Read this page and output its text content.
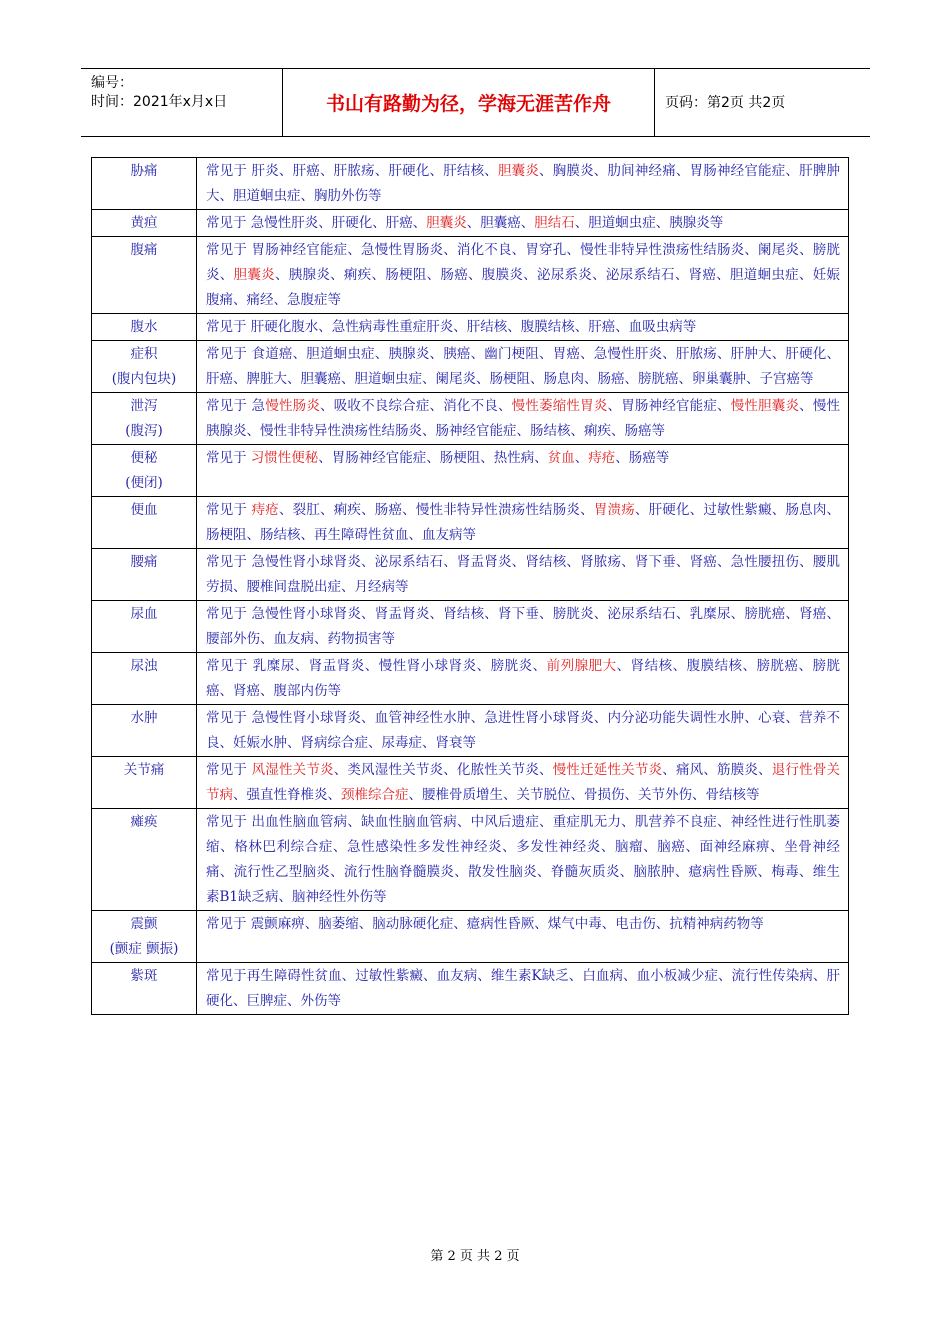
编号：
时间：2021年x月x日	书山有路勤为径，学海无涯苦作舟	页码：第2页 共2页
胁痛	常见于 肝炎、肝癌、肝脓疡、肝硬化、肝结核、胆囊炎、胸膜炎、肋间神经痛、胃肠神经官能症、肝脾肿大、胆道蛔虫症、胸肋外伤等

黄疸	常见于 急慢性肝炎、肝硬化、肝癌、胆囊炎、胆囊癌、胆结石、胆道蛔虫症、胰腺炎等

腹痛	常见于 胃肠神经官能症、急慢性胃肠炎、消化不良、胃穿孔、慢性非特异性溃疡性结肠炎、阑尾炎、膀胱炎、胆囊炎、胰腺炎、痢疾、肠梗阻、肠癌、腹膜炎、泌尿系炎、泌尿系结石、肾癌、胆道蛔虫症、妊娠腹痛、痛经、急腹症等

腹水	常见于 肝硬化腹水、急性病毒性重症肝炎、肝结核、腹膜结核、肝癌、血吸虫病等

症积
(腹内包块)	常见于 食道癌、胆道蛔虫症、胰腺炎、胰癌、幽门梗阻、胃癌、急慢性肝炎、肝脓疡、肝肿大、肝硬化、肝癌、脾脏大、胆囊癌、胆道蛔虫症、阑尾炎、肠梗阻、肠息肉、肠癌、膀胱癌、卵巢囊肿、子宫癌等

泄泻
(腹泻)	常见于 急慢性肠炎、吸收不良综合症、消化不良、慢性萎缩性胃炎、胃肠神经官能症、慢性胆囊炎、慢性胰腺炎、慢性非特异性溃疡性结肠炎、肠神经官能症、肠结核、痢疾、肠癌等

便秘
(便闭)	常见于 习惯性便秘、胃肠神经官能症、肠梗阻、热性病、贫血、痔疮、肠癌等

便血	常见于 痔疮、裂肛、痢疾、肠癌、慢性非特异性溃疡性结肠炎、胃溃疡、肝硬化、过敏性紫癜、肠息肉、肠梗阻、肠结核、再生障碍性贫血、血友病等

腰痛	常见于 急慢性肾小球肾炎、泌尿系结石、肾盂肾炎、肾结核、肾脓疡、肾下垂、肾癌、急性腰扭伤、腰肌劳损、腰椎间盘脱出症、月经病等

尿血	常见于 急慢性肾小球肾炎、肾盂肾炎、肾结核、肾下垂、膀胱炎、泌尿系结石、乳糜尿、膀胱癌、肾癌、腰部外伤、血友病、药物损害等

尿浊	常见于 乳糜尿、肾盂肾炎、慢性肾小球肾炎、膀胱炎、前列腺肥大、肾结核、腹膜结核、膀胱癌、膀胱癌、肾癌、腹部内伤等

水肿	常见于 急慢性肾小球肾炎、血管神经性水肿、急进性肾小球肾炎、内分泌功能失调性水肿、心衰、营养不良、妊娠水肿、肾病综合症、尿毒症、肾衰等

关节痛	常见于 风湿性关节炎、类风湿性关节炎、化脓性关节炎、慢性迁延性关节炎、痛风、筋膜炎、退行性骨关节病、强直性脊椎炎、颈椎综合症、腰椎骨质增生、关节脱位、骨损伤、关节外伤、骨结核等

瘫痪	常见于 出血性脑血管病、缺血性脑血管病、中风后遗症、重症肌无力、肌营养不良症、神经性进行性肌萎缩、格林巴利综合症、急性感染性多发性神经炎、多发性神经炎、脑瘤、脑癌、面神经麻痹、坐骨神经痛、流行性乙型脑炎、流行性脑脊髓膜炎、散发性脑炎、脊髓灰质炎、脑脓肿、癔病性昏厥、梅毒、维生素B1缺乏病、脑神经性外伤等

震颤
(颤症 颤振)	常见于 震颤麻痹、脑萎缩、脑动脉硬化症、癔病性昏厥、煤气中毒、电击伤、抗精神病药物等

紫斑	常见于再生障碍性贫血、过敏性紫癜、血友病、维生素K缺乏、白血病、血小板减少症、流行性传染病、肝硬化、巨脾症、外伤等
第 2 页 共 2 页
